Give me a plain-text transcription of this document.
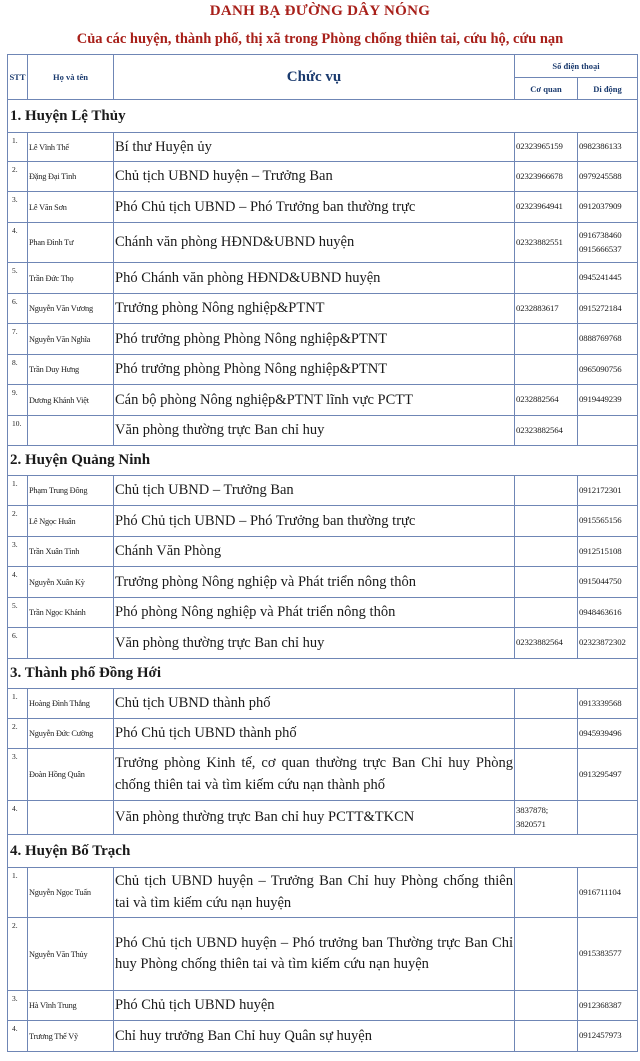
DANH BẠ ĐƯỜNG DÂY NÓNG
Của các huyện, thành phố, thị xã trong Phòng chống thiên tai, cứu hộ, cứu nạn
STT	Họ và tên	Chức vụ	Số điện thoại	
			Cơ quan	Di động
1. Huyện Lệ Thủy				
1.	Lê Vĩnh Thế	Bí thư Huyện ủy	02323965159	0982386133

2.	Đặng Đại Tình	Chủ tịch UBND huyện – Trưởng Ban	02323966678	0979245588

3.	Lê Văn Sơn	Phó Chủ tịch UBND – Phó Trưởng ban thường trực	02323964941	0912037909

4.	Phan Đình Tư	Chánh văn phòng HĐND&UBND huyện	02323882551	0916738460
0915666537

5.	Trần Đức Thọ	Phó Chánh văn phòng HĐND&UBND huyện		0945241445

6.	Nguyễn Văn Vương	Trưởng phòng Nông nghiệp&PTNT	0232883617	0915272184

7.	Nguyễn Văn Nghĩa	Phó trưởng phòng Phòng Nông nghiệp&PTNT		0888769768

8.	Trần Duy Hưng	Phó trưởng phòng Phòng Nông nghiệp&PTNT		0965090756

9.	Dương Khánh Việt	Cán bộ phòng Nông nghiệp&PTNT lĩnh vực PCTT	0232882564	0919449239

10.		Văn phòng thường trực Ban chỉ huy	02323882564	

2. Huyện Quảng Ninh				
1.	Phạm Trung Đông	Chủ tịch UBND – Trưởng Ban		0912172301

2.	Lê Ngọc Huân	Phó Chủ tịch UBND – Phó Trưởng ban thường trực		0915565156

3.	Trần Xuân Tình	Chánh Văn Phòng		0912515108

4.	Nguyễn Xuân Kỳ	Trưởng phòng Nông nghiệp và Phát triển nông thôn		0915044750

5.	Trần Ngọc Khánh	Phó phòng Nông nghiệp và Phát triển nông thôn		0948463616

6.		Văn phòng thường trực Ban chỉ huy	02323882564	02323872302

3. Thành phố Đồng Hới				
1.	Hoàng Đình Thắng	Chủ tịch UBND thành phố		0913339568

2.	Nguyễn Đức Cường	Phó Chủ tịch UBND thành phố		0945939496

3.	Đoàn Hồng Quân	Trưởng phòng Kinh tế, cơ quan thường trực Ban Chỉ huy Phòng chống thiên tai và tìm kiếm cứu nạn thành phố		0913295497

4.		Văn phòng thường trực Ban chỉ huy PCTT&TKCN	3837878;
3820571	

4. Huyện Bố Trạch				
1.	Nguyễn Ngọc Tuấn	Chủ tịch UBND huyện – Trưởng Ban Chỉ huy Phòng chống thiên tai và tìm kiếm cứu nạn huyện		0916711104

2.	Nguyễn Văn Thủy	Phó Chủ tịch UBND huyện – Phó trưởng ban Thường trực Ban Chỉ huy Phòng chống thiên tai và tìm kiếm cứu nạn huyện		0915383577

3.	Hà Vĩnh Trung	Phó Chủ tịch UBND huyện		0912368387

4.	Trương Thế Vỹ	Chỉ huy trưởng Ban Chỉ huy Quân sự huyện		0912457973
